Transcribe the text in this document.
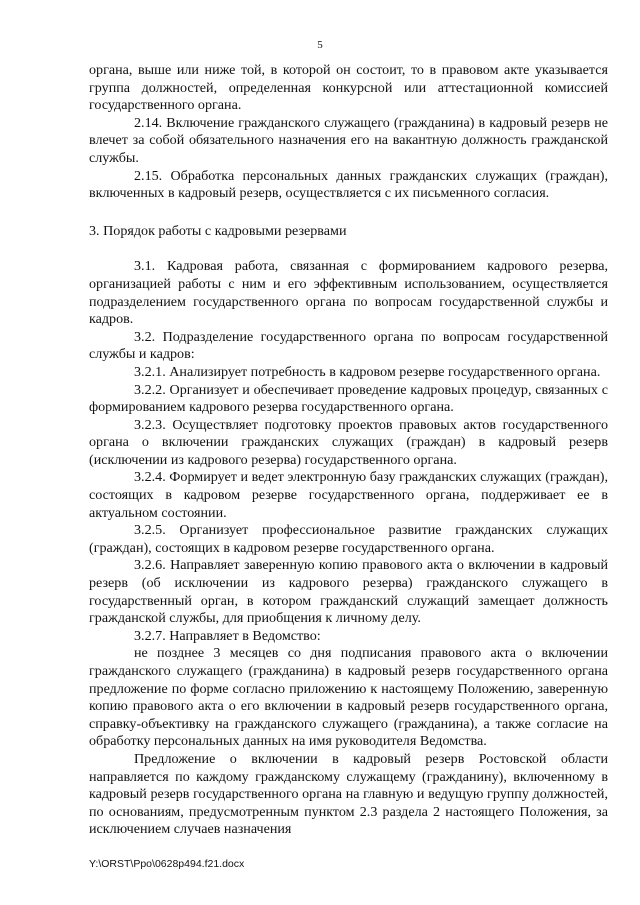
5

органа, выше или ниже той, в которой он состоит, то в правовом акте указывается группа должностей, определенная конкурсной или аттестационной комиссией государственного органа.

2.14. Включение гражданского служащего (гражданина) в кадровый резерв не влечет за собой обязательного назначения его на вакантную должность гражданской службы.

2.15. Обработка персональных данных гражданских служащих (граждан), включенных в кадровый резерв, осуществляется с их письменного согласия.

3. Порядок работы с кадровыми резервами

3.1. Кадровая работа, связанная с формированием кадрового резерва, организацией работы с ним и его эффективным использованием, осуществляется подразделением государственного органа по вопросам государственной службы и кадров.

3.2. Подразделение государственного органа по вопросам государственной службы и кадров:

3.2.1. Анализирует потребность в кадровом резерве государственного органа.

3.2.2. Организует и обеспечивает проведение кадровых процедур, связанных с формированием кадрового резерва государственного органа.

3.2.3. Осуществляет подготовку проектов правовых актов государственного органа о включении гражданских служащих (граждан) в кадровый резерв (исключении из кадрового резерва) государственного органа.

3.2.4. Формирует и ведет электронную базу гражданских служащих (граждан), состоящих в кадровом резерве государственного органа, поддерживает ее в актуальном состоянии.

3.2.5. Организует профессиональное развитие гражданских служащих (граждан), состоящих в кадровом резерве государственного органа.

3.2.6. Направляет заверенную копию правового акта о включении в кадровый резерв (об исключении из кадрового резерва) гражданского служащего в государственный орган, в котором гражданский служащий замещает должность гражданской службы, для приобщения к личному делу.

3.2.7. Направляет в Ведомство:

не позднее 3 месяцев со дня подписания правового акта о включении гражданского служащего (гражданина) в кадровый резерв государственного органа предложение по форме согласно приложению к настоящему Положению, заверенную копию правового акта о его включении в кадровый резерв государственного органа, справку-объективку на гражданского служащего (гражданина), а также согласие на обработку персональных данных на имя руководителя Ведомства.

Предложение о включении в кадровый резерв Ростовской области направляется по каждому гражданскому служащему (гражданину), включенному в кадровый резерв государственного органа на главную и ведущую группу должностей, по основаниям, предусмотренным пунктом 2.3 раздела 2 настоящего Положения, за исключением случаев назначения

Y:\ORST\Ppo\0628p494.f21.docx
